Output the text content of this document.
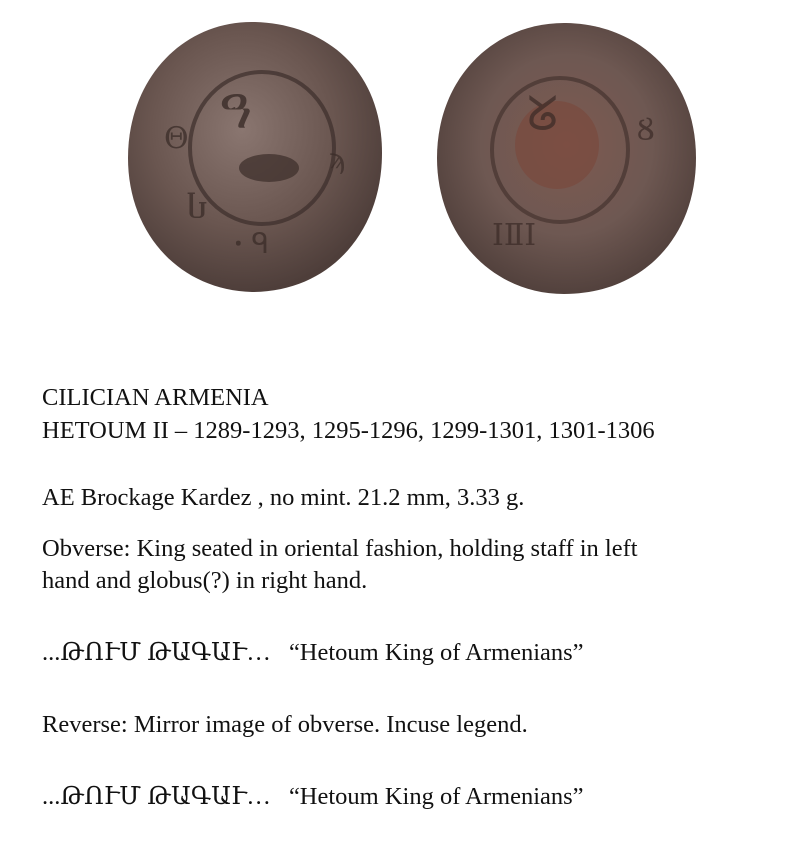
ዓ
Θ
Ⴑ
ꞏ ᑫ
ϡ
ᘜ	Ȣ
ⅠⅡⅠ
CILICIAN ARMENIA
HETOUM II – 1289-1293, 1295-1296, 1299-1301, 1301-1306
AE Brockage Kardez , no mint. 21.2 mm, 3.33 g.
Obverse: King seated in oriental fashion, holding staff in left
hand and globus(?) in right hand.
...ԹՈՒՄ ԹԱԳԱՒ… “Hetoum King of Armenians”
Reverse: Mirror image of obverse. Incuse legend.
...ԹՈՒՄ ԹԱԳԱՒ… “Hetoum King of Armenians”
